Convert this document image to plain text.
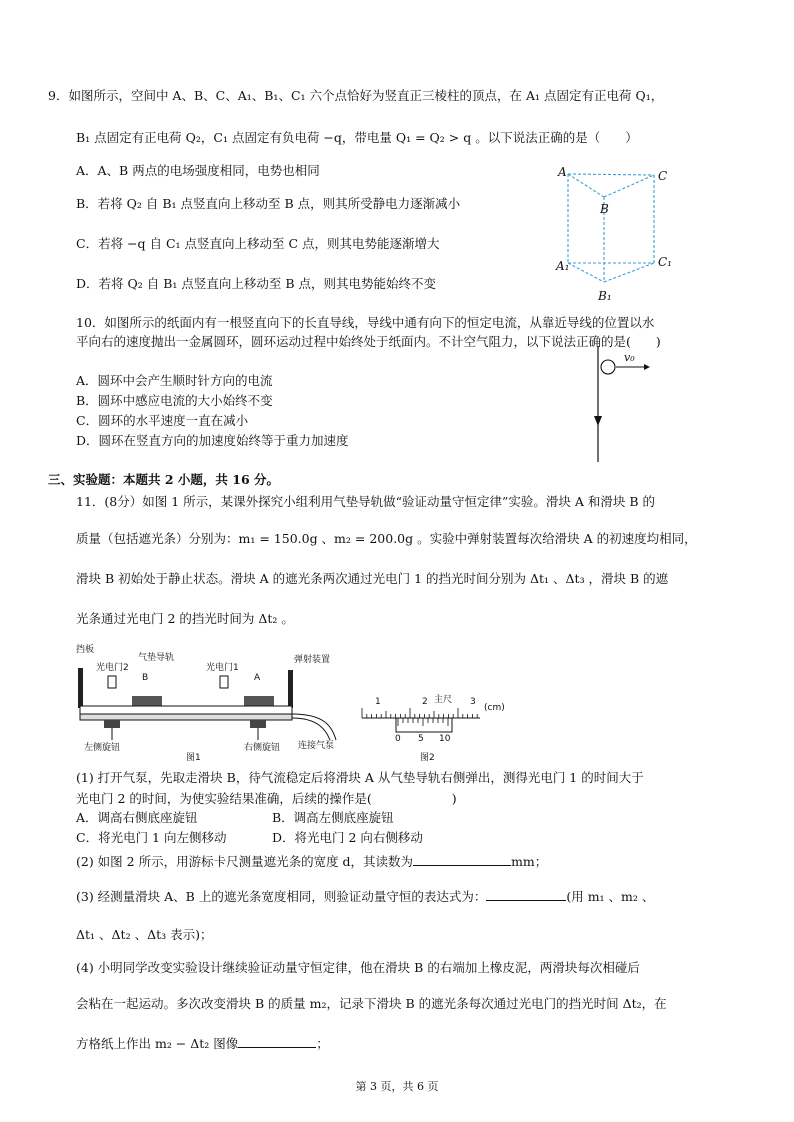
9．如图所示，空间中 A、B、C、A₁、B₁、C₁ 六个点恰好为竖直正三棱柱的顶点，在 A₁ 点固定有正电荷 Q₁，
B₁ 点固定有正电荷 Q₂，C₁ 点固定有负电荷 −q，带电量 Q₁ = Q₂ > q 。以下说法正确的是（　　）
A．A、B 两点的电场强度相同，电势也相同
B．若将 Q₂ 自 B₁ 点竖直向上移动至 B 点，则其所受静电力逐渐减小
C．若将 −q 自 C₁ 点竖直向上移动至 C 点，则其电势能逐渐增大
D．若将 Q₂ 自 B₁ 点竖直向上移动至 B 点，则其电势能始终不变
A	C
B
A₁	C₁
B₁
10．如图所示的纸面内有一根竖直向下的长直导线，导线中通有向下的恒定电流，从靠近导线的位置以水
平向右的速度抛出一金属圆环，圆环运动过程中始终处于纸面内。不计空气阻力，以下说法正确的是(　　)
A．圆环中会产生顺时针方向的电流
B．圆环中感应电流的大小始终不变
C．圆环的水平速度一直在减小
D．圆环在竖直方向的加速度始终等于重力加速度
v₀
三、实验题：本题共 2 小题，共 16 分。
11．(8分）如图 1 所示，某课外探究小组利用气垫导轨做“验证动量守恒定律”实验。滑块 A 和滑块 B 的
质量（包括遮光条）分别为：m₁ = 150.0g 、m₂ = 200.0g 。实验中弹射装置每次给滑块 A 的初速度均相同，
滑块 B 初始处于静止状态。滑块 A 的遮光条两次通过光电门 1 的挡光时间分别为 Δt₁ 、Δt₃ ，滑块 B 的遮
光条通过光电门 2 的挡光时间为 Δt₂ 。
挡板
光电门2
气垫导轨
光电门1
弹射装置
B	A
左侧旋钮	右侧旋钮 连接气泵
图1
1	2 主尺 3
(cm)
0 5 10
图2
(1) 打开气泵，先取走滑块 B，待气流稳定后将滑块 A 从气垫导轨右侧弹出，测得光电门 1 的时间大于
光电门 2 的时间，为使实验结果准确，后续的操作是(	)
A．调高右侧底座旋钮	B．调高左侧底座旋钮
C．将光电门 1 向左侧移动	D．将光电门 2 向右侧移动
(2) 如图 2 所示，用游标卡尺测量遮光条的宽度 d，其读数为	mm；
(3) 经测量滑块 A、B 上的遮光条宽度相同，则验证动量守恒的表达式为：	(用 m₁ 、m₂ 、
Δt₁ 、Δt₂ 、Δt₃ 表示)；
(4) 小明同学改变实验设计继续验证动量守恒定律，他在滑块 B 的右端加上橡皮泥，两滑块每次相碰后
会粘在一起运动。多次改变滑块 B 的质量 m₂，记录下滑块 B 的遮光条每次通过光电门的挡光时间 Δt₂，在
方格纸上作出 m₂ − Δt₂ 图像	；
第 3 页，共 6 页
